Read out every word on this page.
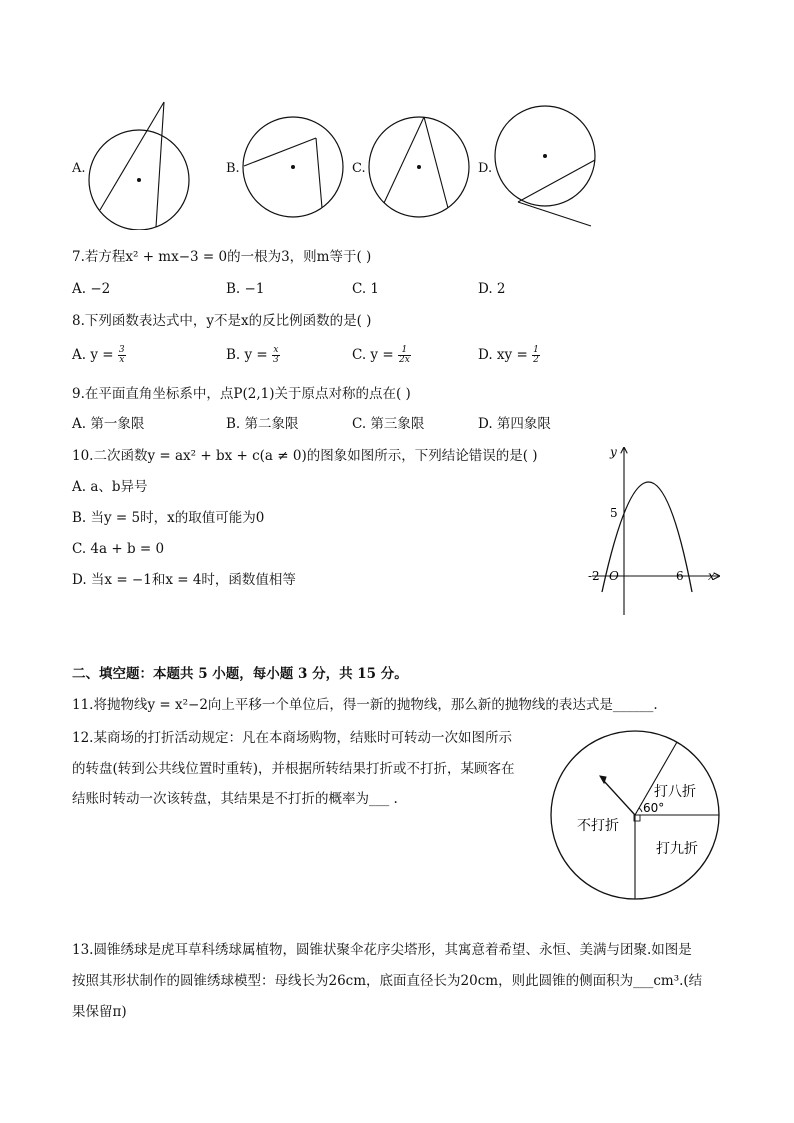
A.	B.	C.	D.
7.若方程x² + mx−3 = 0的一根为3，则m等于( )
A. −2	B. −1	C. 1	D. 2
8.下列函数表达式中，y不是x的反比例函数的是( )
A. $y = \frac{3}{x}$	B. $y = \frac{x}{3}$	C. $y = \frac{1}{2x}$	D. xy = $\frac{1}{2}$
9.在平面直角坐标系中，点P(2,1)关于原点对称的点在( )
A. 第一象限	B. 第二象限	C. 第三象限	D. 第四象限
10.二次函数y = ax² + bx + c(a ≠ 0)的图象如图所示，下列结论错误的是( )
A. a、b异号
B. 当y = 5时，x的取值可能为0
C. 4a + b = 0
D. 当x = −1和x = 4时，函数值相等
y
x
5
-2 O	6
二、填空题：本题共 5 小题，每小题 3 分，共 15 分。
11.将抛物线y = x²−2向上平移一个单位后，得一新的抛物线，那么新的抛物线的表达式是______.
12.某商场的打折活动规定：凡在本商场购物，结账时可转动一次如图所示
的转盘(转到公共线位置时重转)，并根据所转结果打折或不打折，某顾客在
结账时转动一次该转盘，其结果是不打折的概率为___ .
60°
打八折
打九折
不打折
13.圆锥绣球是虎耳草科绣球属植物，圆锥状聚伞花序尖塔形，其寓意着希望、永恒、美满与团聚.如图是
按照其形状制作的圆锥绣球模型：母线长为26cm，底面直径长为20cm，则此圆锥的侧面积为___cm³.(结
果保留π)
